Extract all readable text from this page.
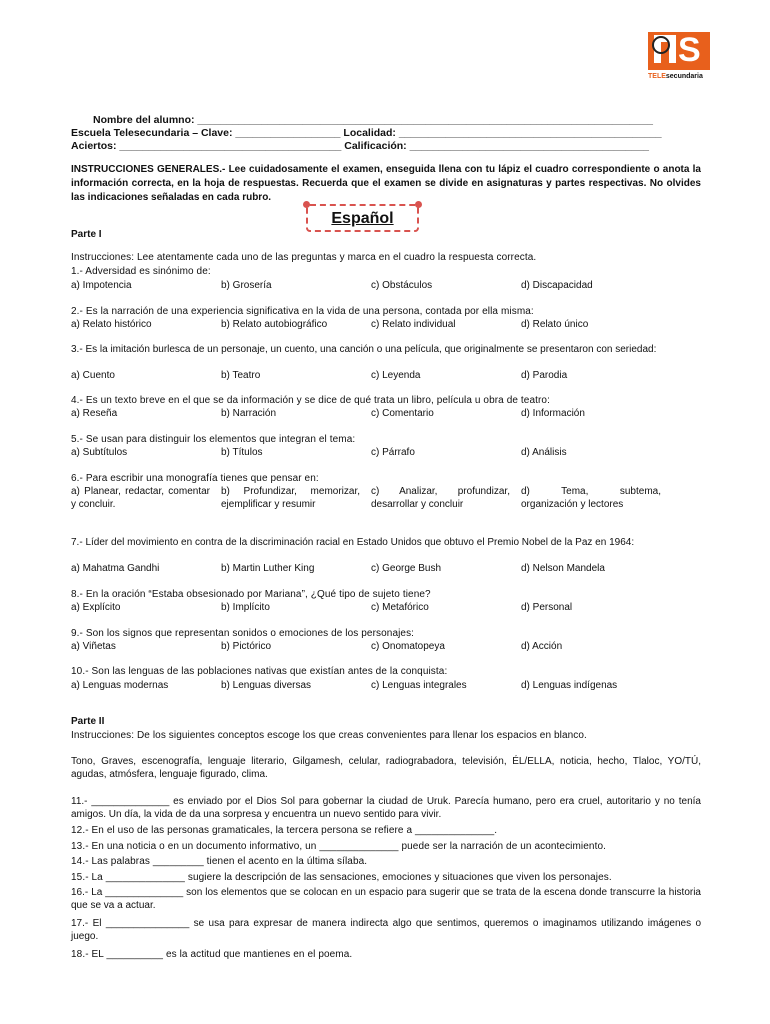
S
TELEsecundaria
Nombre del alumno: ______________________________________________________________________________
Escuela Telesecundaria – Clave: __________________ Localidad: _____________________________________________
Aciertos: ______________________________________ Calificación: _________________________________________
INSTRUCCIONES GENERALES.- Lee cuidadosamente el examen, enseguida llena con tu lápiz el cuadro correspondiente o anota la información correcta, en la hoja de respuestas. Recuerda que el examen se divide en asignaturas y partes respectivas. No olvides las indicaciones señaladas en cada rubro.
Español
Parte I
Instrucciones: Lee atentamente cada uno de las preguntas y marca en el cuadro la respuesta correcta.
1.- Adversidad es sinónimo de:
a) Impotencia	b) Grosería	c) Obstáculos	d) Discapacidad
2.- Es la narración de una experiencia significativa en la vida de una persona, contada por ella misma:
a) Relato histórico	b) Relato autobiográfico	c) Relato individual	d) Relato único
3.- Es la imitación burlesca de un personaje, un cuento, una canción o una película, que originalmente se presentaron con seriedad:
a) Cuento	b) Teatro	c) Leyenda	d) Parodia
4.- Es un texto breve en el que se da información y se dice de qué trata un libro, película u obra de teatro:
a) Reseña	b) Narración	c) Comentario	d) Información
5.- Se usan para distinguir los elementos que integran el tema:
a) Subtítulos	b) Títulos	c) Párrafo	d) Análisis
6.- Para escribir una monografía tienes que pensar en:
a) Planear, redactar, comentar y concluir.
b) Profundizar, memorizar, ejemplificar y resumir
c) Analizar, profundizar, desarrollar y concluir
d) Tema, subtema, organización y lectores
7.- Líder del movimiento en contra de la discriminación racial en Estado Unidos que obtuvo el Premio Nobel de la Paz en 1964:
a) Mahatma Gandhi	b) Martin Luther King	c) George Bush	d) Nelson Mandela
8.- En la oración “Estaba obsesionado por Mariana”, ¿Qué tipo de sujeto tiene?
a) Explícito	b) Implícito	c) Metafórico	d) Personal
9.- Son los signos que representan sonidos o emociones de los personajes:
a) Viñetas	b) Pictórico	c) Onomatopeya	d) Acción
10.- Son las lenguas de las poblaciones nativas que existían antes de la conquista:
a) Lenguas modernas	b) Lenguas diversas	c) Lenguas integrales	d) Lenguas indígenas
Parte II
Instrucciones: De los siguientes conceptos escoge los que creas convenientes para llenar los espacios en blanco.
Tono, Graves, escenografía, lenguaje literario, Gilgamesh, celular, radiograbadora, televisión, ÉL/ELLA, noticia, hecho, Tlaloc, YO/TÚ, agudas, atmósfera, lenguaje figurado, clima.
11.- ______________ es enviado por el Dios Sol para gobernar la ciudad de Uruk. Parecía humano, pero era cruel, autoritario y no tenía amigos. Un día, la vida de da una sorpresa y encuentra un nuevo sentido para vivir.
12.- En el uso de las personas gramaticales, la tercera persona se refiere a ______________.
13.- En una noticia o en un documento informativo, un ______________ puede ser la narración de un acontecimiento.
14.- Las palabras _________ tienen el acento en la última sílaba.
15.- La ______________ sugiere la descripción de las sensaciones, emociones y situaciones que viven los personajes.
16.- La ______________ son los elementos que se colocan en un espacio para sugerir que se trata de la escena donde transcurre la historia que se va a actuar.
17.- El _______________ se usa para expresar de manera indirecta algo que sentimos, queremos o imaginamos utilizando imágenes o juego.
18.- EL __________ es la actitud que mantienes en el poema.
